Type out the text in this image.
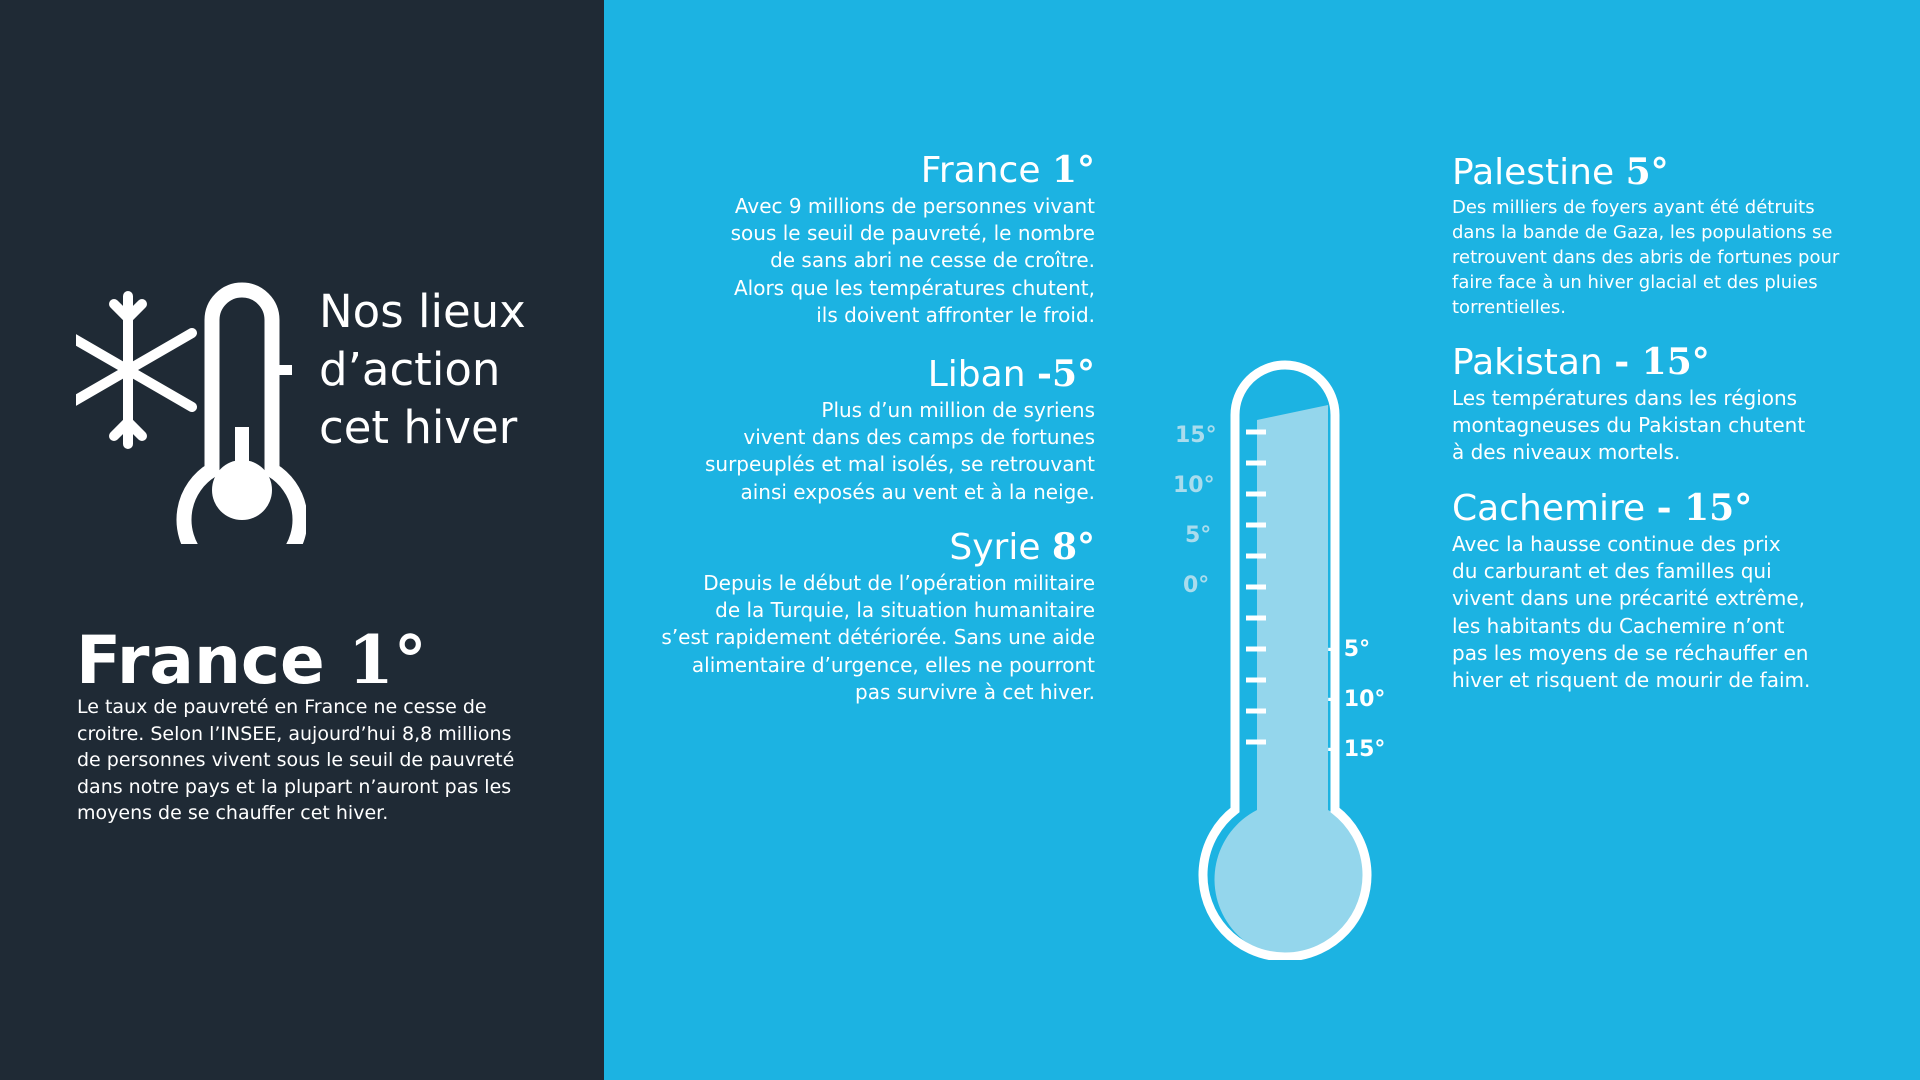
Nos lieux
d’action
cet hiver
France 1°
Le taux de pauvreté en France ne cesse de croitre. Selon l’INSEE, aujourd’hui 8,8 millions de personnes vivent sous le seuil de pauvreté dans notre pays et la plupart n’auront pas les moyens de se chauffer cet hiver.
France 1°

Avec 9 millions de personnes vivant
sous le seuil de pauvreté, le nombre
de sans abri ne cesse de croître.
Alors que les températures chutent,
ils doivent affronter le froid.

Liban -5°

Plus d’un million de syriens
vivent dans des camps de fortunes
surpeuplés et mal isolés, se retrouvant
ainsi exposés au vent et à la neige.

Syrie 8°

Depuis le début de l’opération militaire
de la Turquie, la situation humanitaire
s’est rapidement détériorée. Sans une aide
alimentaire d’urgence, elles ne pourront
pas survivre à cet hiver.

Palestine 5°

Des milliers de foyers ayant été détruits
dans la bande de Gaza, les populations se
retrouvent dans des abris de fortunes pour
faire face à un hiver glacial et des pluies
torrentielles.

Pakistan - 15°

Les températures dans les régions
montagneuses du Pakistan chutent
à des niveaux mortels.

Cachemire - 15°

Avec la hausse continue des prix
du carburant et des familles qui
vivent dans une précarité extrême,
les habitants du Cachemire n’ont
pas les moyens de se réchauffer en
hiver et risquent de mourir de faim.

15°
10°
5°
0°
- 5°
- 10°
- 15°
